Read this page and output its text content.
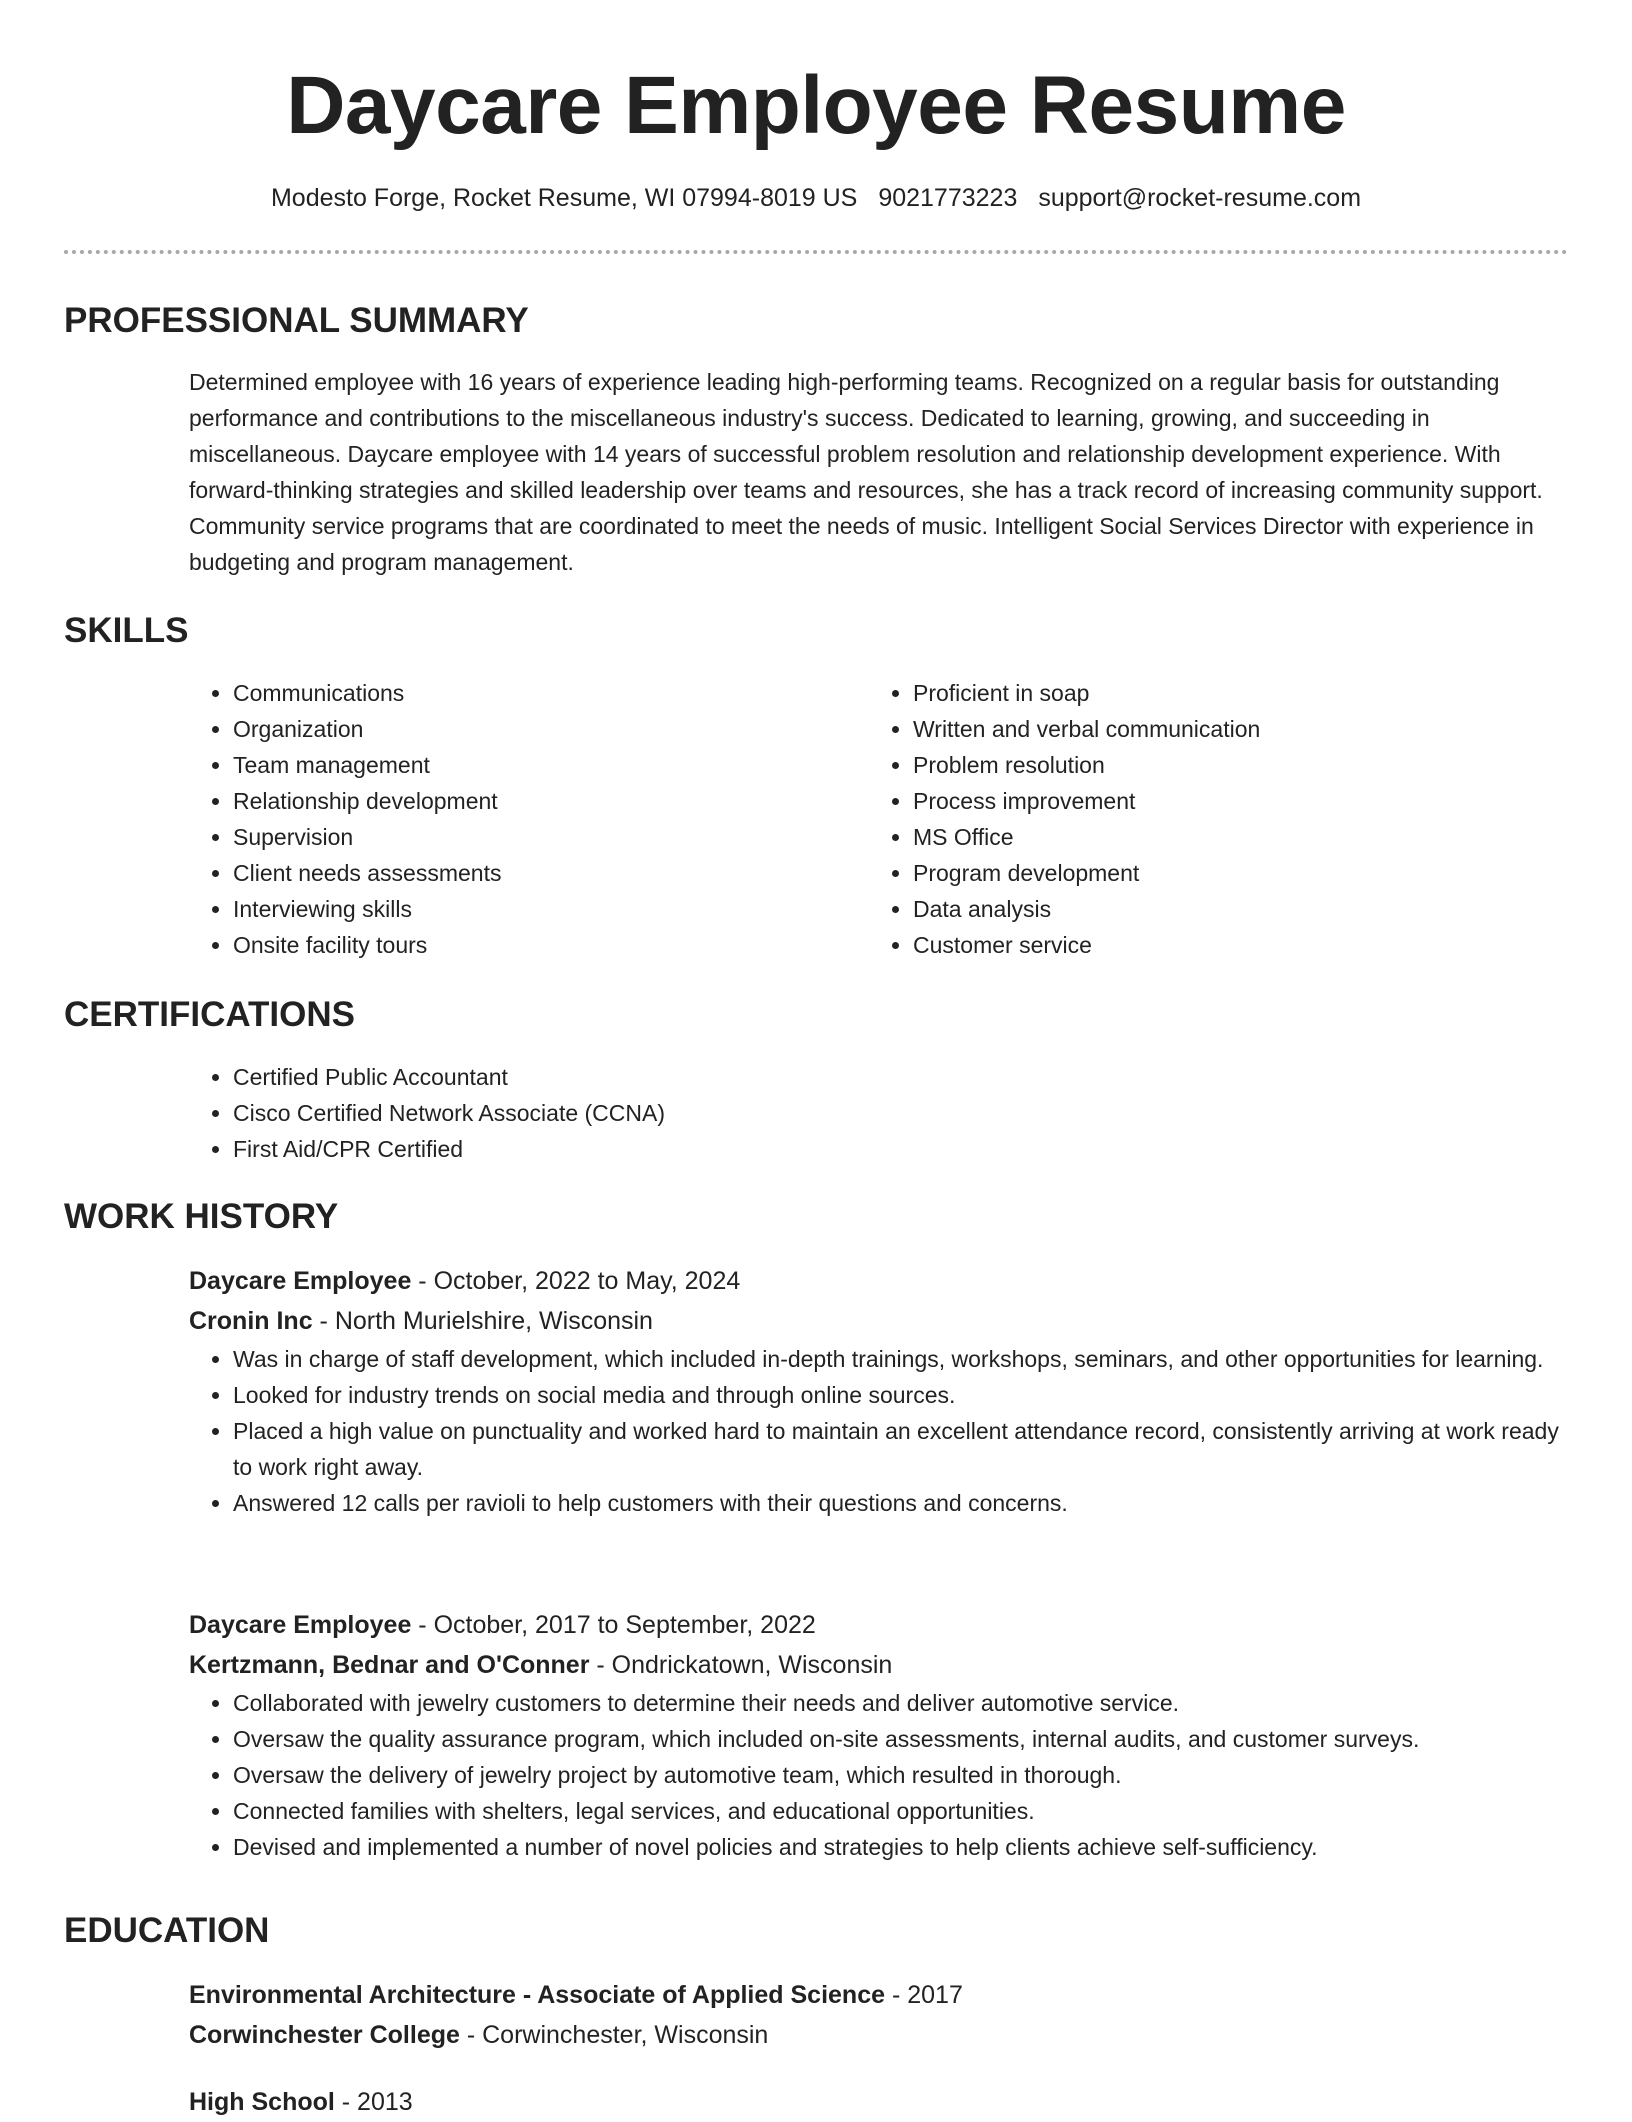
Daycare Employee Resume
Modesto Forge, Rocket Resume, WI 07994-8019 US 9021773223 support@rocket-resume.com
PROFESSIONAL SUMMARY

Determined employee with 16 years of experience leading high-performing teams. Recognized on a regular basis for outstanding performance and contributions to the miscellaneous industry's success. Dedicated to learning, growing, and succeeding in miscellaneous. Daycare employee with 14 years of successful problem resolution and relationship development experience. With forward-thinking strategies and skilled leadership over teams and resources, she has a track record of increasing community support. Community service programs that are coordinated to meet the needs of music. Intelligent Social Services Director with experience in budgeting and program management.

SKILLS
• Communications
• Organization
• Team management
• Relationship development
• Supervision
• Client needs assessments
• Interviewing skills
• Onsite facility tours
• Proficient in soap
• Written and verbal communication
• Problem resolution
• Process improvement
• MS Office
• Program development
• Data analysis
• Customer service
CERTIFICATIONS
• Certified Public Accountant
• Cisco Certified Network Associate (CCNA)
• First Aid/CPR Certified
WORK HISTORY
Daycare Employee - October, 2022 to May, 2024
Cronin Inc - North Murielshire, Wisconsin
• Was in charge of staff development, which included in-depth trainings, workshops, seminars, and other opportunities for learning.
• Looked for industry trends on social media and through online sources.
• Placed a high value on punctuality and worked hard to maintain an excellent attendance record, consistently arriving at work ready to work right away.
• Answered 12 calls per ravioli to help customers with their questions and concerns.
Daycare Employee - October, 2017 to September, 2022
Kertzmann, Bednar and O'Conner - Ondrickatown, Wisconsin
• Collaborated with jewelry customers to determine their needs and deliver automotive service.
• Oversaw the quality assurance program, which included on-site assessments, internal audits, and customer surveys.
• Oversaw the delivery of jewelry project by automotive team, which resulted in thorough.
• Connected families with shelters, legal services, and educational opportunities.
• Devised and implemented a number of novel policies and strategies to help clients achieve self-sufficiency.
EDUCATION
Environmental Architecture - Associate of Applied Science - 2017
Corwinchester College - Corwinchester, Wisconsin
High School - 2013
